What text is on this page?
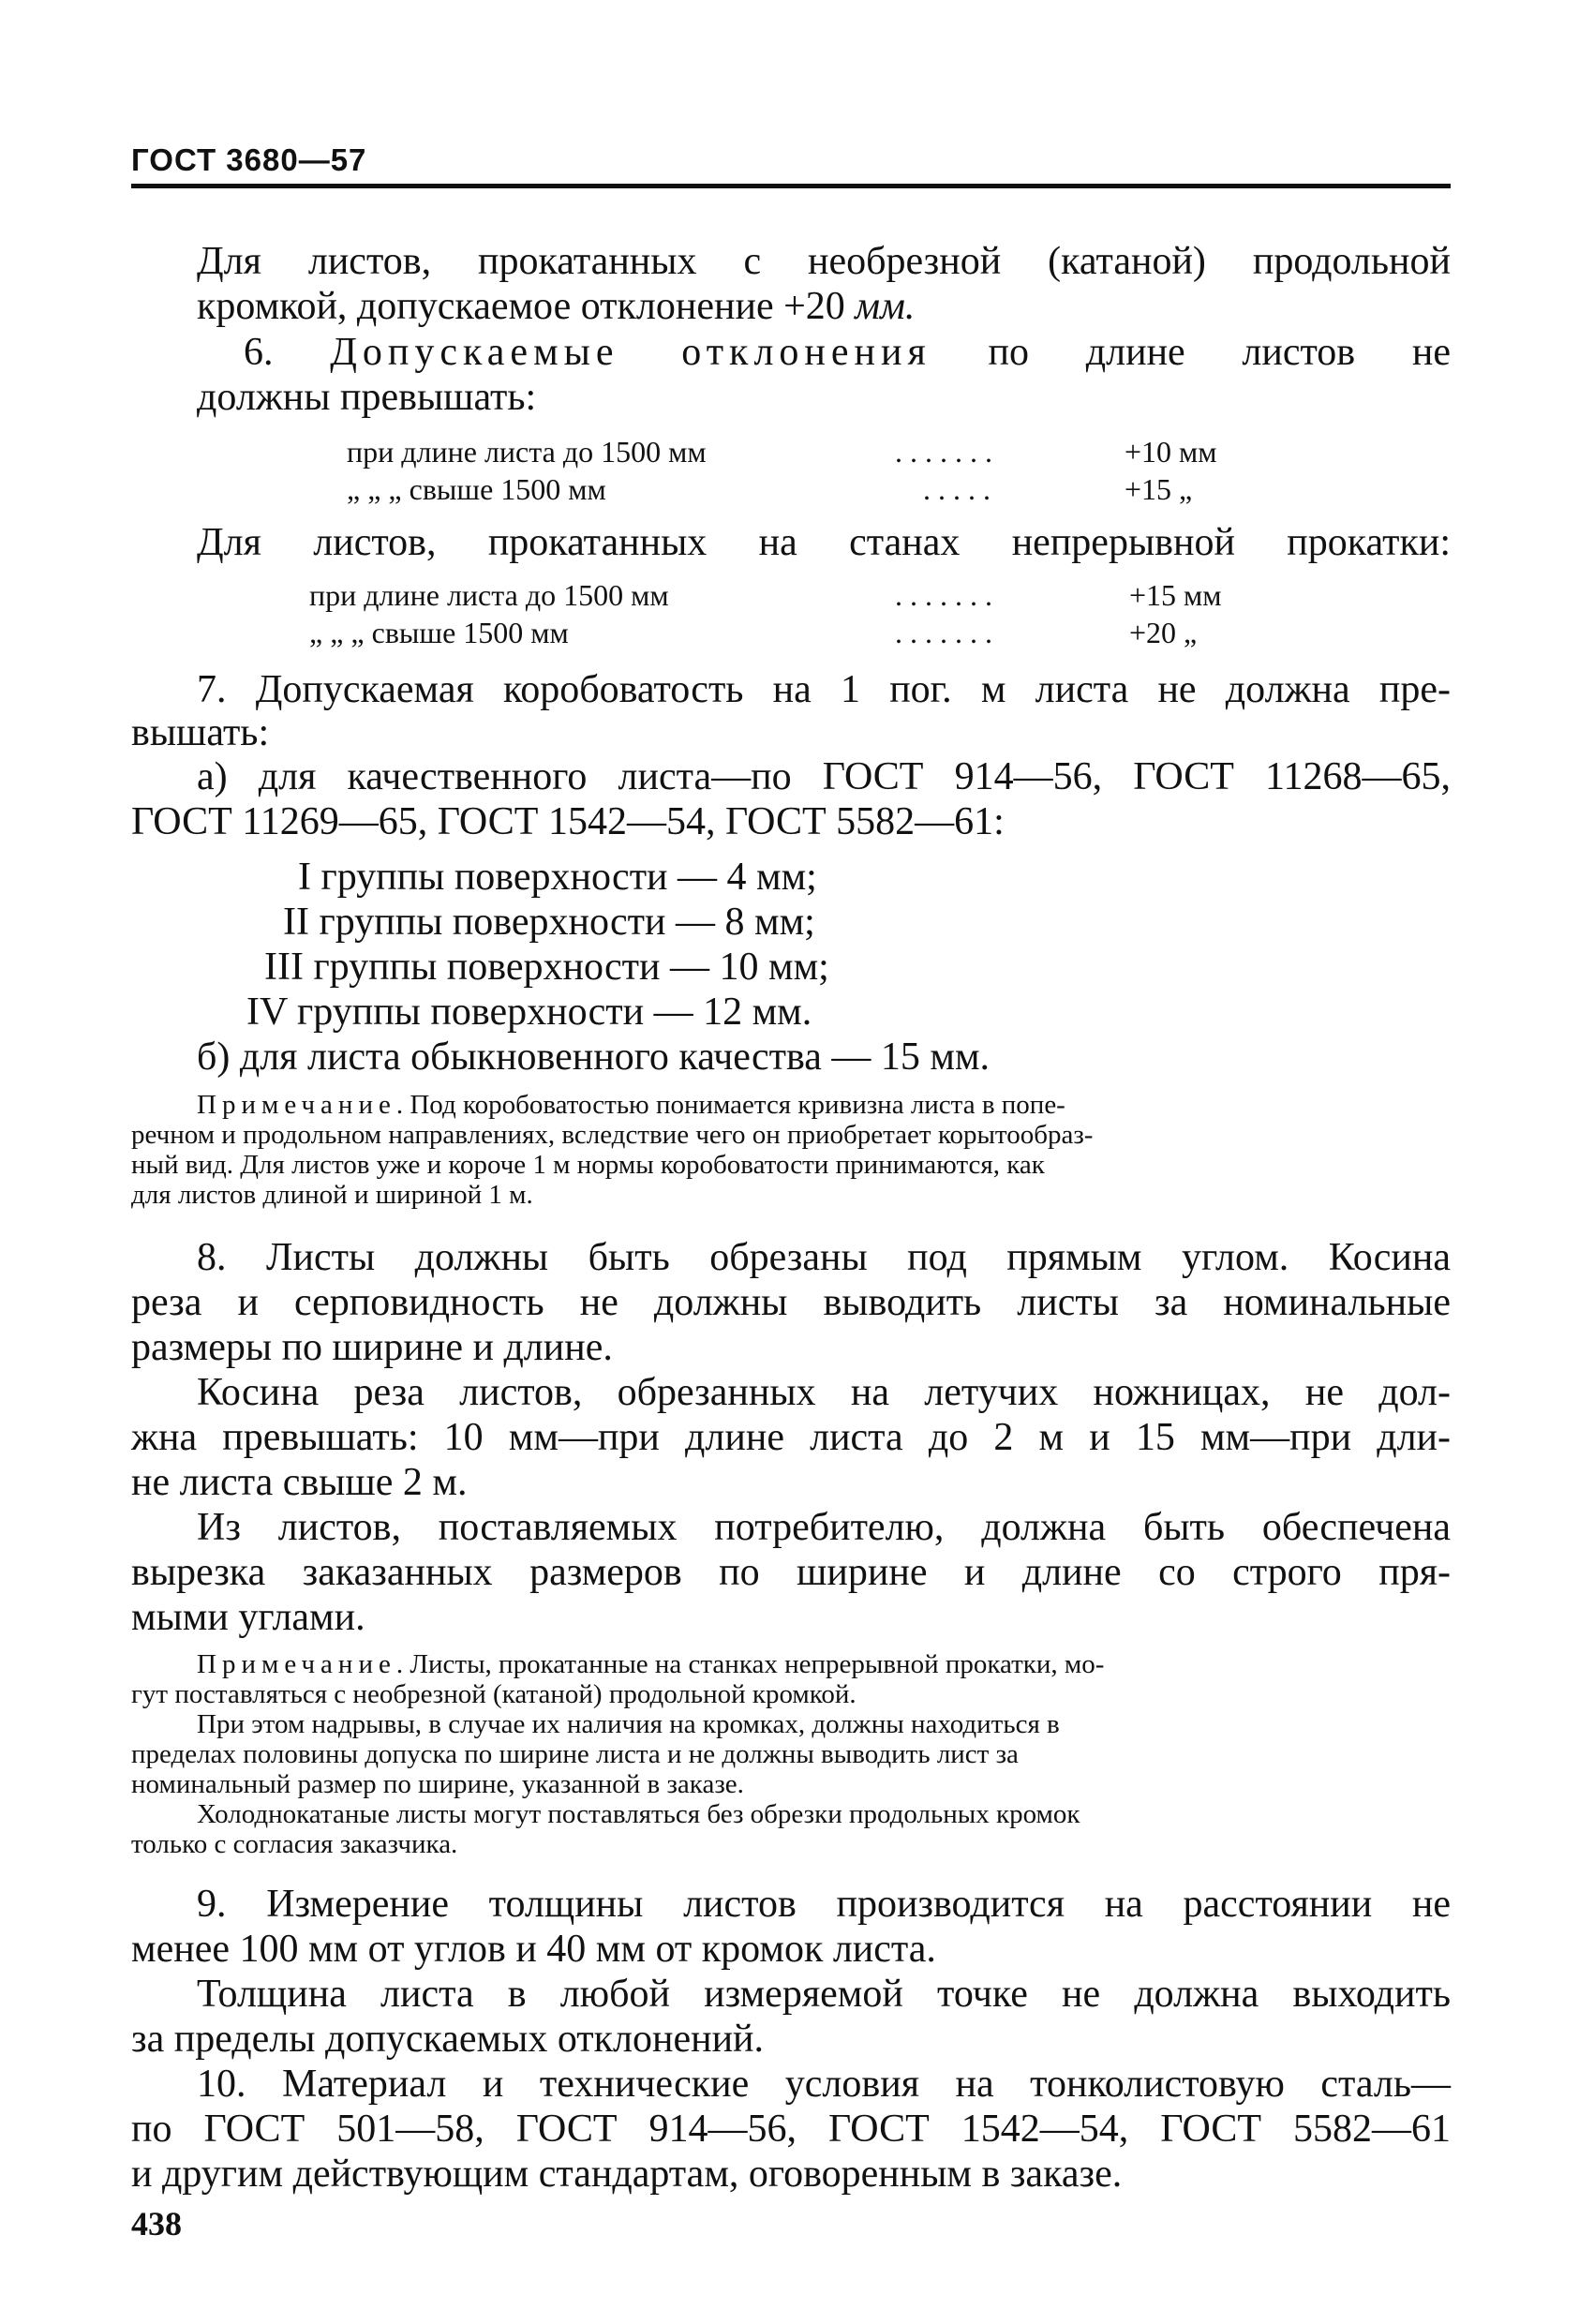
ГОСТ 3680—57
Для листов, прокатанных с необрезной (катаной) продольной
кромкой, допускаемое отклонение +20 мм.
6. Допускаемые отклонения по длине листов не
должны превышать:
при длине листа до 1500 мм	. . . . . . .	+10 мм
„ „ „ свыше 1500 мм	. . . . .	+15 „
Для листов, прокатанных на станах непрерывной прокатки:
при длине листа до 1500 мм	. . . . . . .	+15 мм
„ „ „ свыше 1500 мм	. . . . . . .	+20 „
7. Допускаемая коробоватость на 1 пог. м листа не должна пре-
вышать:
а) для качественного листа—по ГОСТ 914—56, ГОСТ 11268—65,
ГОСТ 11269—65, ГОСТ 1542—54, ГОСТ 5582—61:
I группы поверхности — 4 мм;
II группы поверхности — 8 мм;
III группы поверхности — 10 мм;
IV группы поверхности — 12 мм.
б) для листа обыкновенного качества — 15 мм.
Примечание. Под коробоватостью понимается кривизна листа в попе-
речном и продольном направлениях, вследствие чего он приобретает корытообраз-
ный вид. Для листов уже и короче 1 м нормы коробоватости принимаются, как
для листов длиной и шириной 1 м.
8. Листы должны быть обрезаны под прямым углом. Косина
реза и серповидность не должны выводить листы за номинальные
размеры по ширине и длине.
Косина реза листов, обрезанных на летучих ножницах, не дол-
жна превышать: 10 мм—при длине листа до 2 м и 15 мм—при дли-
не листа свыше 2 м.
Из листов, поставляемых потребителю, должна быть обеспечена
вырезка заказанных размеров по ширине и длине со строго пря-
мыми углами.
Примечание. Листы, прокатанные на станках непрерывной прокатки, мо-
гут поставляться с необрезной (катаной) продольной кромкой.
При этом надрывы, в случае их наличия на кромках, должны находиться в
пределах половины допуска по ширине листа и не должны выводить лист за
номинальный размер по ширине, указанной в заказе.
Холоднокатаные листы могут поставляться без обрезки продольных кромок
только с согласия заказчика.
9. Измерение толщины листов производится на расстоянии не
менее 100 мм от углов и 40 мм от кромок листа.
Толщина листа в любой измеряемой точке не должна выходить
за пределы допускаемых отклонений.
10. Материал и технические условия на тонколистовую сталь—
по ГОСТ 501—58, ГОСТ 914—56, ГОСТ 1542—54, ГОСТ 5582—61
и другим действующим стандартам, оговоренным в заказе.
438
